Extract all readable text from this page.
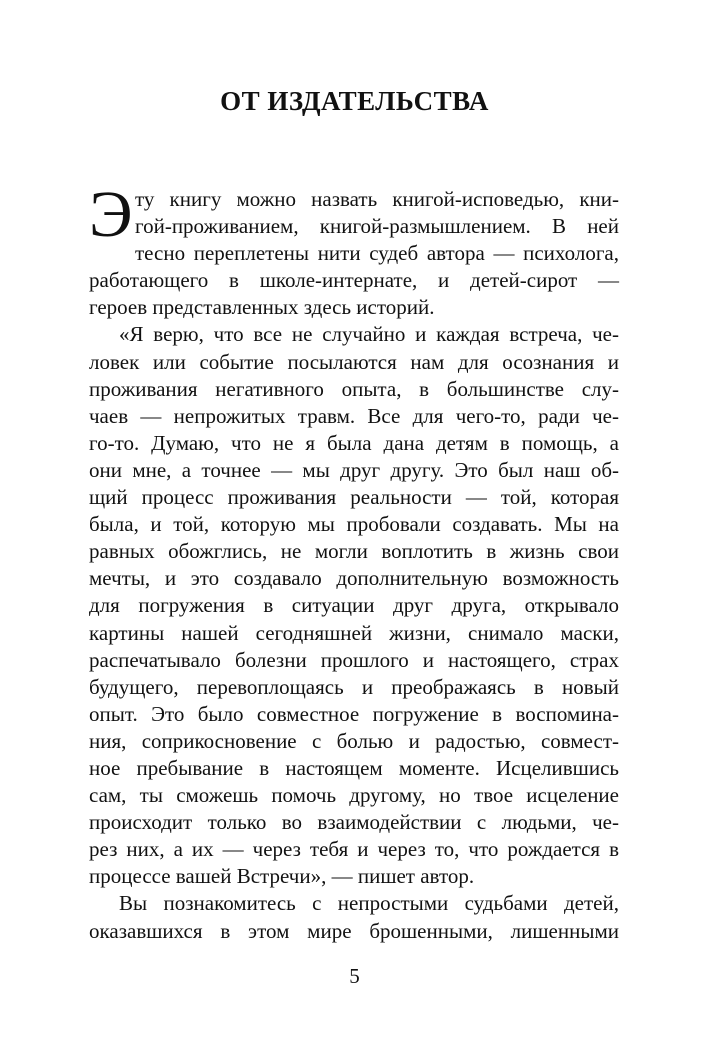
ОТ ИЗДАТЕЛЬСТВА
Э ту книгу можно назвать книгой-исповедью, кни-
гой-проживанием, книгой-размышлением. В ней
тесно переплетены нити судеб автора — психолога,
работающего в школе-интернате, и детей-сирот —
героев представленных здесь историй.
«Я верю, что все не случайно и каждая встреча, че-
ловек или событие посылаются нам для осознания и
проживания негативного опыта, в большинстве слу-
чаев — непрожитых травм. Все для чего-то, ради че-
го-то. Думаю, что не я была дана детям в помощь, а
они мне, а точнее — мы друг другу. Это был наш об-
щий процесс проживания реальности — той, которая
была, и той, которую мы пробовали создавать. Мы на
равных обожглись, не могли воплотить в жизнь свои
мечты, и это создавало дополнительную возможность
для погружения в ситуации друг друга, открывало
картины нашей сегодняшней жизни, снимало маски,
распечатывало болезни прошлого и настоящего, страх
будущего, перевоплощаясь и преображаясь в новый
опыт. Это было совместное погружение в воспомина-
ния, соприкосновение с болью и радостью, совмест-
ное пребывание в настоящем моменте. Исцелившись
сам, ты сможешь помочь другому, но твое исцеление
происходит только во взаимодействии с людьми, че-
рез них, а их — через тебя и через то, что рождается в
процессе вашей Встречи», — пишет автор.
Вы познакомитесь с непростыми судьбами детей,
оказавшихся в этом мире брошенными, лишенными
5
